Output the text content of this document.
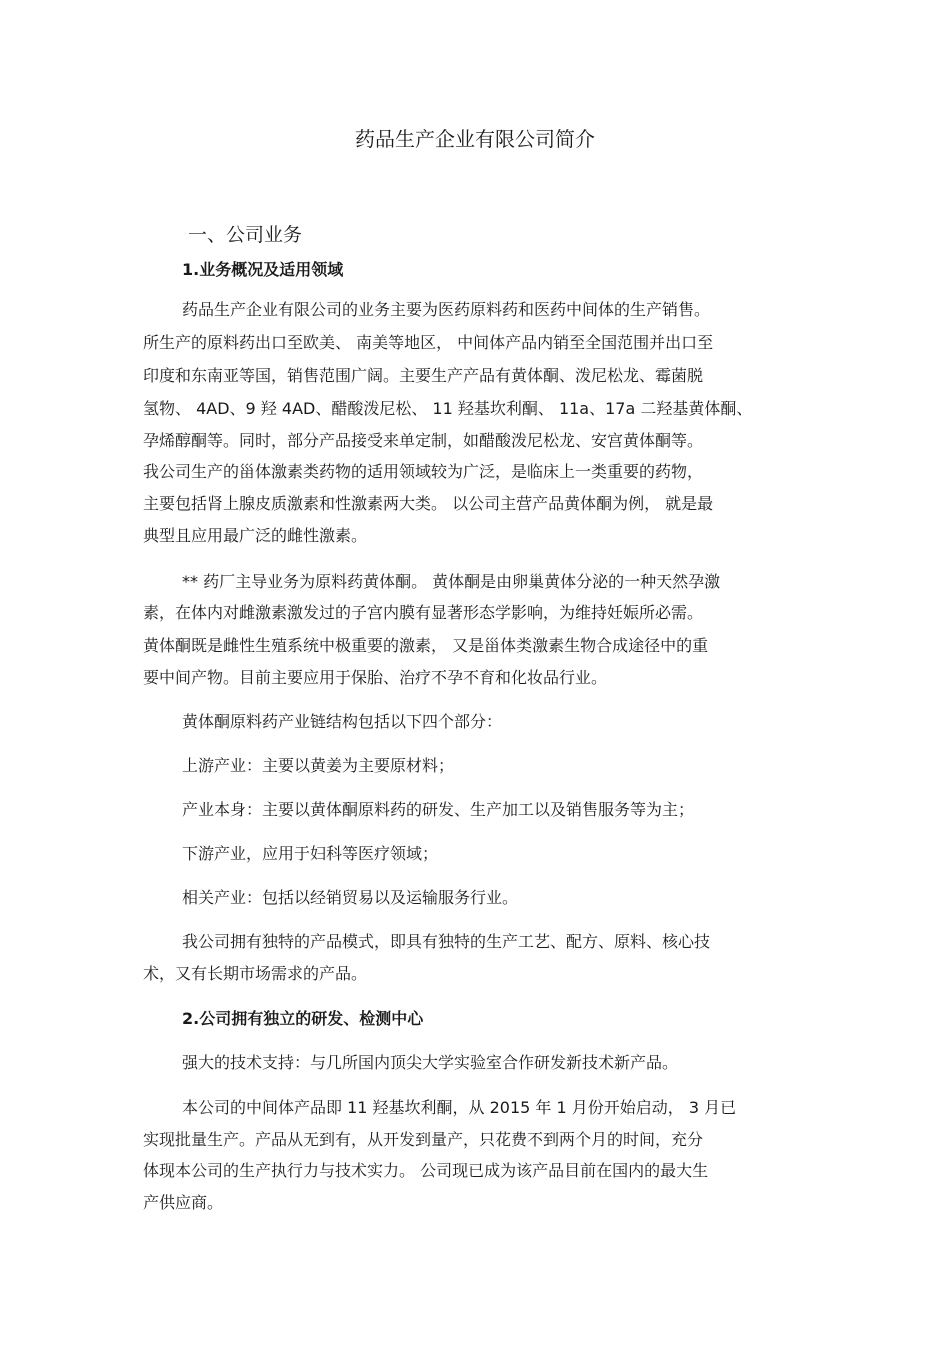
药品生产企业有限公司简介
一、公司业务
1.业务概况及适用领域
药品生产企业有限公司的业务主要为医药原料药和医药中间体的生产销售。
所生产的原料药出口至欧美、 南美等地区， 中间体产品内销至全国范围并出口至
印度和东南亚等国，销售范围广阔。主要生产产品有黄体酮、泼尼松龙、霉菌脱
氢物、 4AD、9 羟 4AD、醋酸泼尼松、 11 羟基坎利酮、 11a、17a 二羟基黄体酮、
孕烯醇酮等。同时，部分产品接受来单定制，如醋酸泼尼松龙、安宫黄体酮等。
我公司生产的甾体激素类药物的适用领域较为广泛，是临床上一类重要的药物，
主要包括肾上腺皮质激素和性激素两大类。 以公司主营产品黄体酮为例， 就是最
典型且应用最广泛的雌性激素。
** 药厂主导业务为原料药黄体酮。 黄体酮是由卵巢黄体分泌的一种天然孕激
素，在体内对雌激素激发过的子宫内膜有显著形态学影响，为维持妊娠所必需。
黄体酮既是雌性生殖系统中极重要的激素， 又是甾体类激素生物合成途径中的重
要中间产物。目前主要应用于保胎、治疗不孕不育和化妆品行业。
黄体酮原料药产业链结构包括以下四个部分：
上游产业：主要以黄姜为主要原材料；
产业本身：主要以黄体酮原料药的研发、生产加工以及销售服务等为主；
下游产业，应用于妇科等医疗领域；
相关产业：包括以经销贸易以及运输服务行业。
我公司拥有独特的产品模式，即具有独特的生产工艺、配方、原料、核心技
术，又有长期市场需求的产品。
2.公司拥有独立的研发、检测中心
强大的技术支持：与几所国内顶尖大学实验室合作研发新技术新产品。
本公司的中间体产品即 11 羟基坎利酮，从 2015 年 1 月份开始启动， 3 月已
实现批量生产。产品从无到有，从开发到量产，只花费不到两个月的时间，充分
体现本公司的生产执行力与技术实力。 公司现已成为该产品目前在国内的最大生
产供应商。
